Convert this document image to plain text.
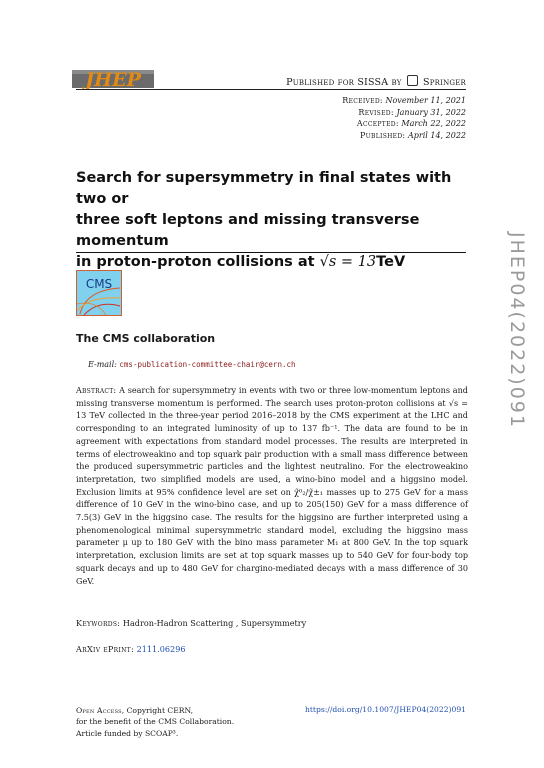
JHEP	Published for SISSA by Springer
Received: November 11, 2021
Revised: January 31, 2022
Accepted: March 22, 2022
Published: April 14, 2022
Search for supersymmetry in final states with two or
three soft leptons and missing transverse momentum
in proton-proton collisions at √s = 13TeV	JHEP04(2022)091
CMS
The CMS collaboration
E-mail: cms-publication-committee-chair@cern.ch
Abstract: A search for supersymmetry in events with two or three low-momentum leptons and missing transverse momentum is performed. The search uses proton-proton collisions at √s = 13 TeV collected in the three-year period 2016–2018 by the CMS experiment at the LHC and corresponding to an integrated luminosity of up to 137 fb⁻¹. The data are found to be in agreement with expectations from standard model processes. The results are interpreted in terms of electroweakino and top squark pair production with a small mass difference between the produced supersymmetric particles and the lightest neutralino. For the electroweakino interpretation, two simplified models are used, a wino-bino model and a higgsino model. Exclusion limits at 95% confidence level are set on χ̃⁰₂/χ̃±₁ masses up to 275 GeV for a mass difference of 10 GeV in the wino-bino case, and up to 205(150) GeV for a mass difference of 7.5(3) GeV in the higgsino case. The results for the higgsino are further interpreted using a phenomenological minimal supersymmetric standard model, excluding the higgsino mass parameter μ up to 180 GeV with the bino mass parameter M₁ at 800 GeV. In the top squark interpretation, exclusion limits are set at top squark masses up to 540 GeV for four-body top squark decays and up to 480 GeV for chargino-mediated decays with a mass difference of 30 GeV.
Keywords: Hadron-Hadron Scattering , Supersymmetry
ArXiv ePrint: 2111.06296
Open Access, Copyright CERN,
for the benefit of the CMS Collaboration.
Article funded by SCOAP³.
https://doi.org/10.1007/JHEP04(2022)091
